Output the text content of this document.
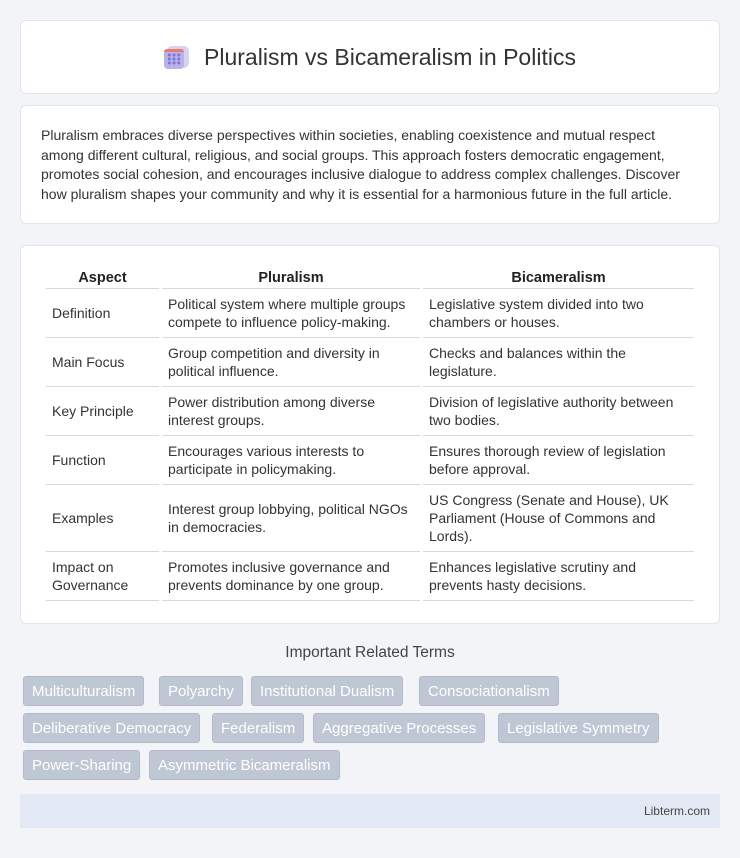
Pluralism vs Bicameralism in Politics

Pluralism embraces diverse perspectives within societies, enabling coexistence and mutual respect among different cultural, religious, and social groups. This approach fosters democratic engagement, promotes social cohesion, and encourages inclusive dialogue to address complex challenges. Discover how pluralism shapes your community and why it is essential for a harmonious future in the full article.

Aspect	Pluralism	Bicameralism
Definition	Political system where multiple groups compete to influence policy-making.	Legislative system divided into two chambers or houses.
Main Focus	Group competition and diversity in political influence.	Checks and balances within the legislature.
Key Principle	Power distribution among diverse interest groups.	Division of legislative authority between two bodies.
Function	Encourages various interests to participate in policymaking.	Ensures thorough review of legislation before approval.
Examples	Interest group lobbying, political NGOs in democracies.	US Congress (Senate and House), UK Parliament (House of Commons and Lords).
Impact on Governance	Promotes inclusive governance and prevents dominance by one group.	Enhances legislative scrutiny and prevents hasty decisions.
Important Related Terms
Multiculturalism	Polyarchy	Institutional Dualism	Consociationalism
Deliberative Democracy	Federalism	Aggregative Processes	Legislative Symmetry
Power-Sharing	Asymmetric Bicameralism
Libterm.com
